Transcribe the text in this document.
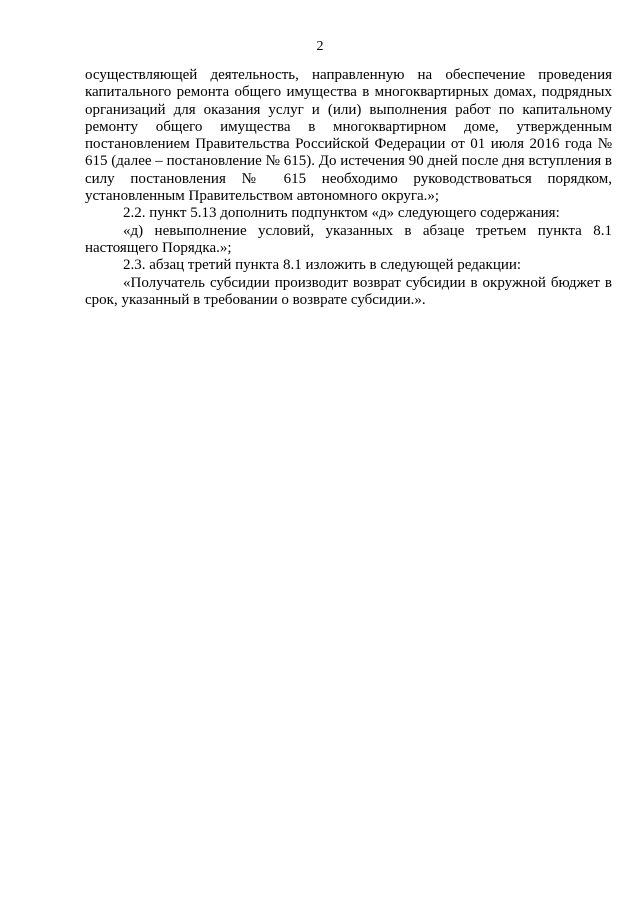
2

осуществляющей деятельность, направленную на обеспечение проведения капитального ремонта общего имущества в многоквартирных домах, подрядных организаций для оказания услуг и (или) выполнения работ по капитальному ремонту общего имущества в многоквартирном доме, утвержденным постановлением Правительства Российской Федерации от 01 июля 2016 года № 615 (далее – постановление № 615). До истечения 90 дней после дня вступления в силу постановления № 615 необходимо руководствоваться порядком, установленным Правительством автономного округа.»;

2.2. пункт 5.13 дополнить подпунктом «д» следующего содержания:

«д) невыполнение условий, указанных в абзаце третьем пункта 8.1 настоящего Порядка.»;

2.3. абзац третий пункта 8.1 изложить в следующей редакции:

«Получатель субсидии производит возврат субсидии в окружной бюджет в срок, указанный в требовании о возврате субсидии.».
